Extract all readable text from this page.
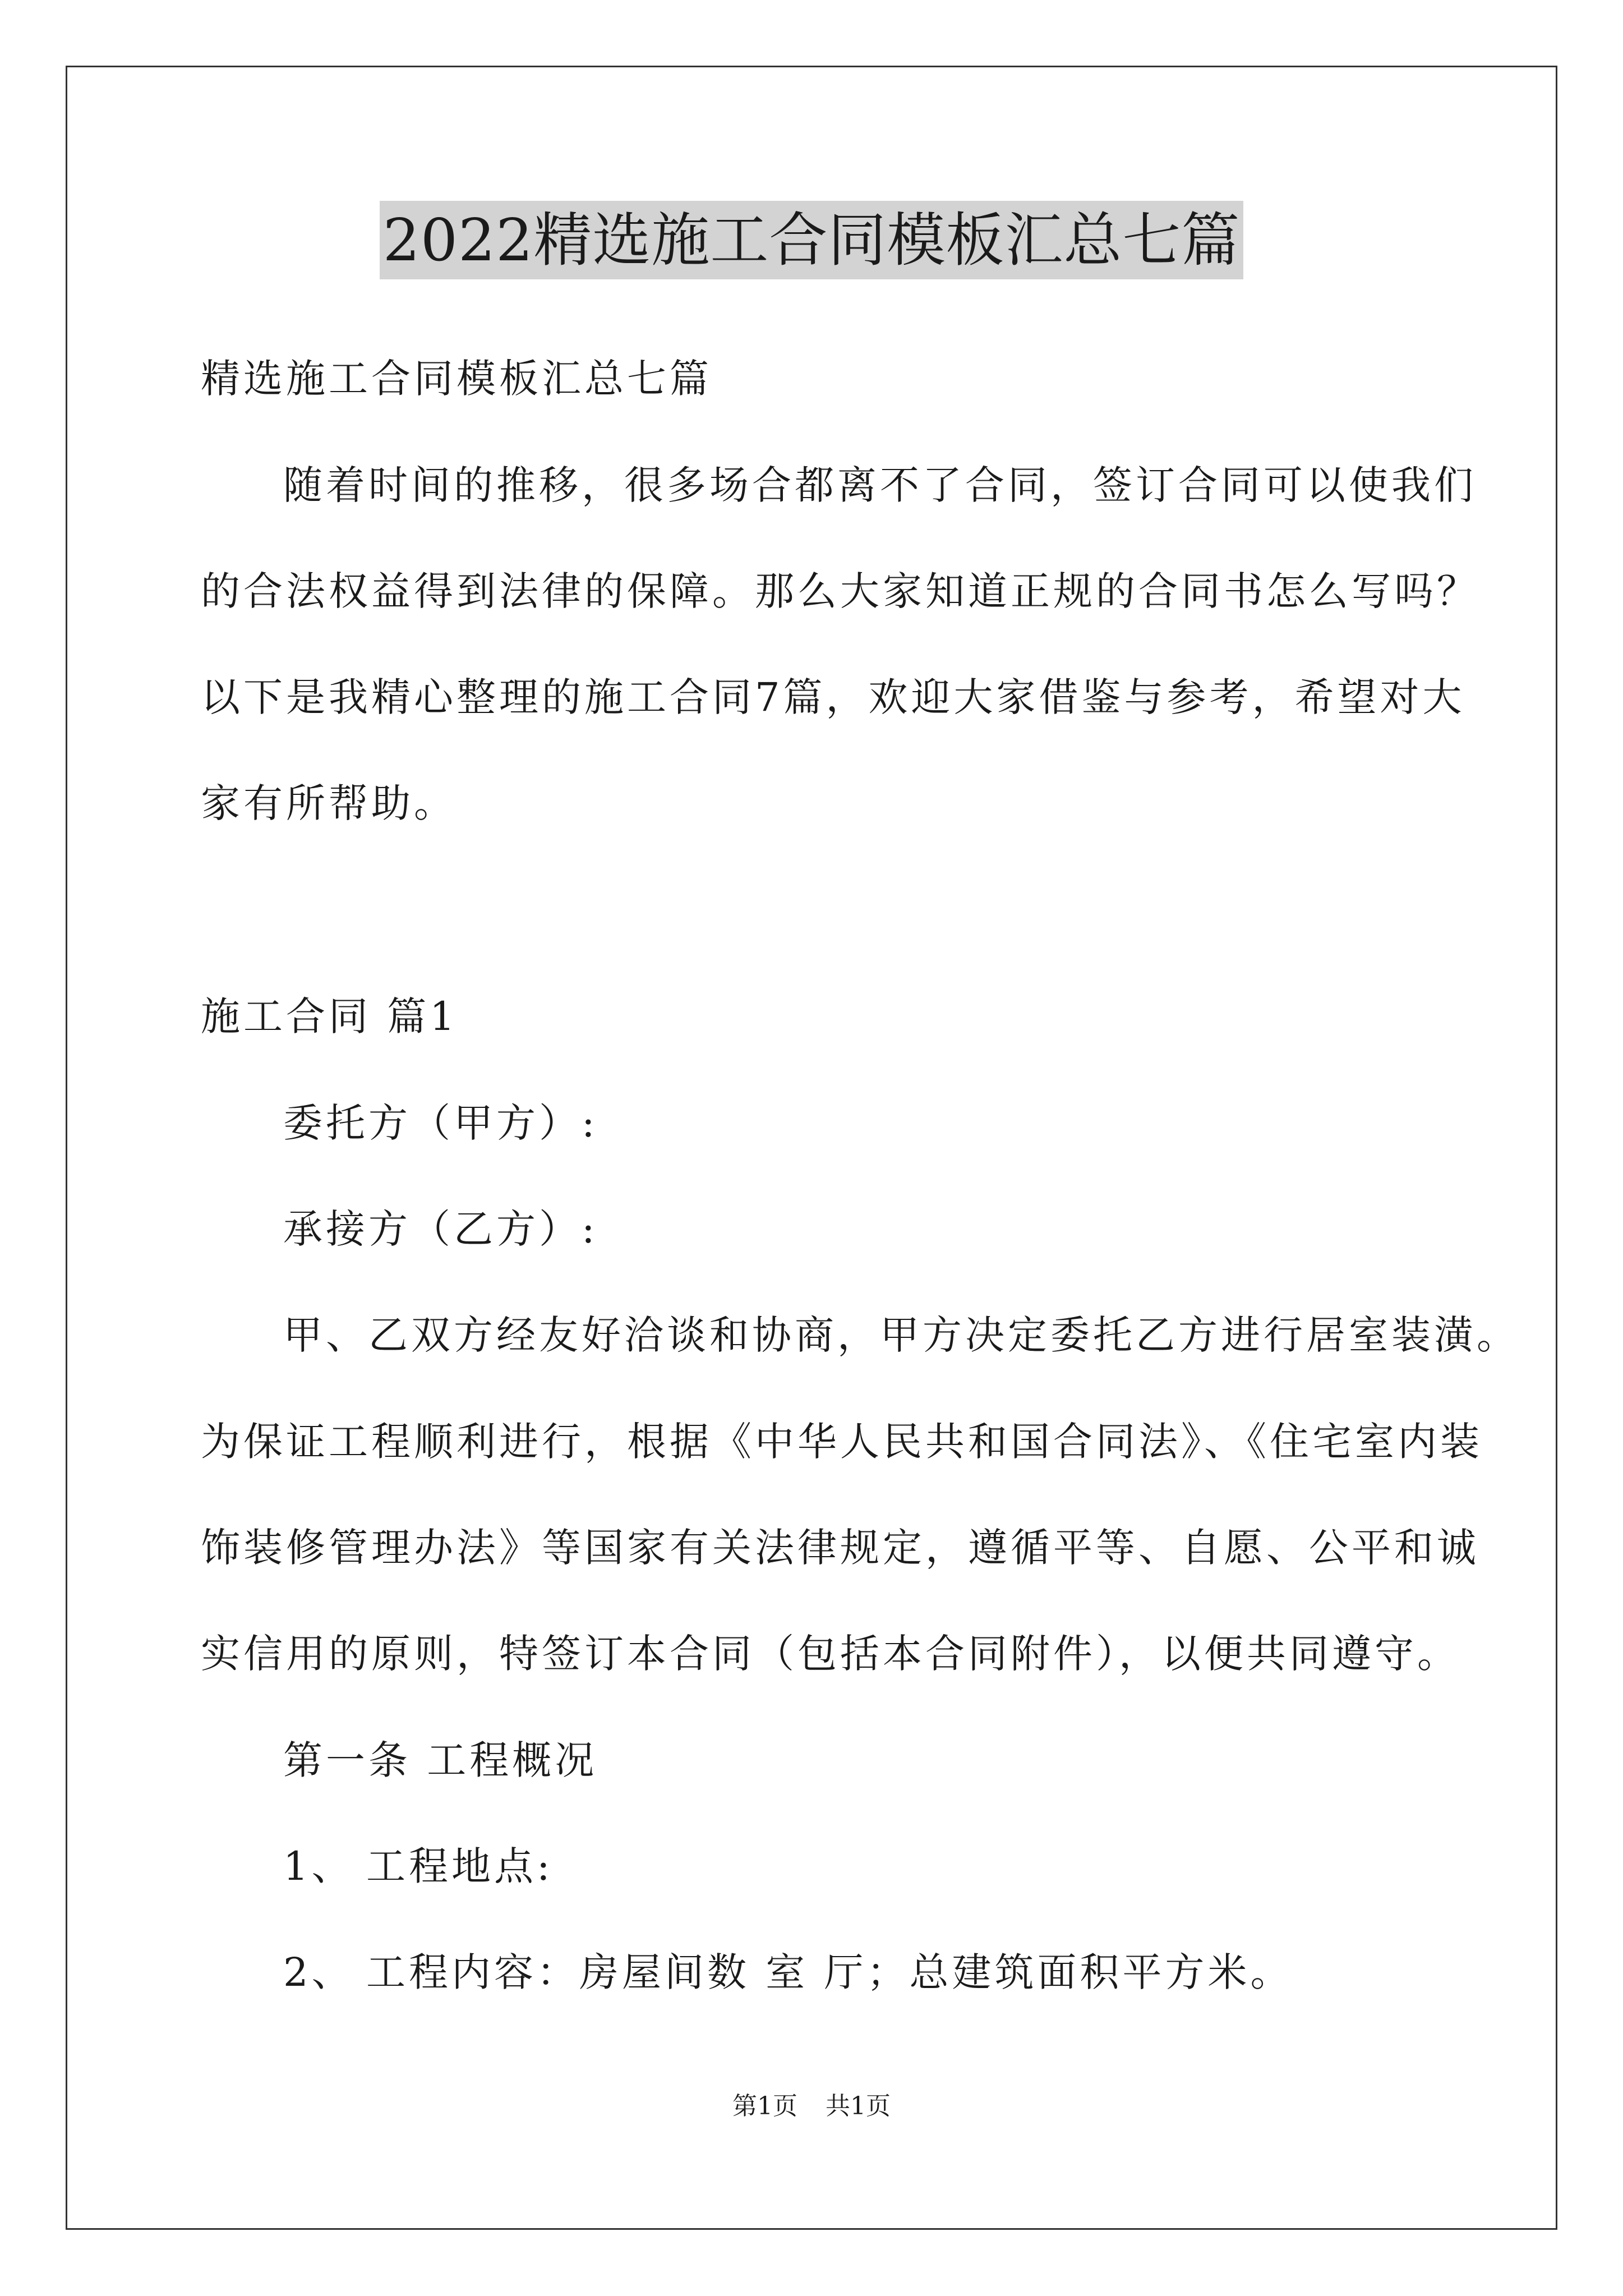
2022精选施工合同模板汇总七篇
精选施工合同模板汇总七篇
随着时间的推移，很多场合都离不了合同，签订合同可以使我们
的合法权益得到法律的保障。那么大家知道正规的合同书怎么写吗？
以下是我精心整理的施工合同7篇，欢迎大家借鉴与参考，希望对大
家有所帮助。
施工合同 篇1
委托方（甲方）:
承接方（乙方）:
甲、乙双方经友好洽谈和协商，甲方决定委托乙方进行居室装潢。
为保证工程顺利进行，根据《中华人民共和国合同法》、《住宅室内装
饰装修管理办法》等国家有关法律规定，遵循平等、自愿、公平和诚
实信用的原则，特签订本合同（包括本合同附件），以便共同遵守。
第一条 工程概况
1、 工程地点:
2、 工程内容：房屋间数 室 厅；总建筑面积平方米。
第1页 共1页
